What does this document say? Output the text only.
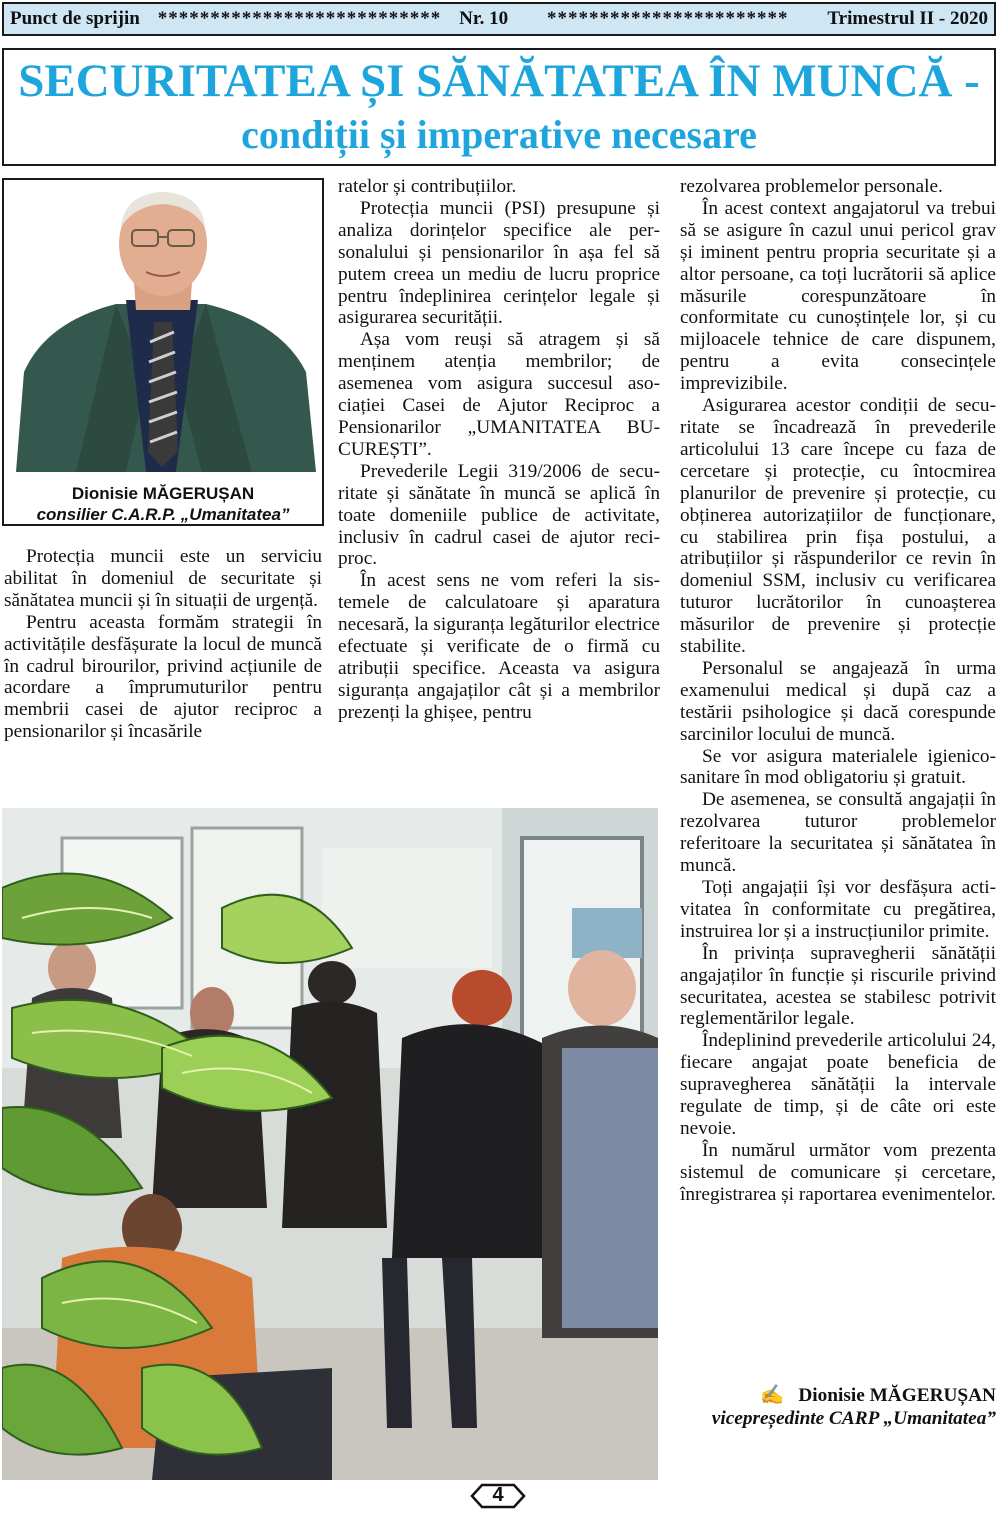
Punct de sprijin *************************** Nr. 10	***********************	Trimestrul II - 2020
SECURITATEA ȘI SĂNĂTATEA ÎN MUNCĂ -
condiții și imperative necesare
Dionisie MĂGERUȘAN
consilier C.A.R.P. „Umanitatea”

Protecția muncii este un serviciu abilitat în domeniul de securitate și sănătatea muncii și în situații de urgență.

Pentru aceasta formăm strategii în activitățile desfășurate la locul de muncă în cadrul birourilor, privind acțiunile de acordare a împrumuturilor pentru membrii casei de ajutor reciproc a pensionarilor și încasările

ratelor și contribuțiilor.

Protecția muncii (PSI) presupune și analiza dorințelor specifice ale personalului și pensionarilor în așa fel să putem creea un mediu de lucru proprice pentru îndeplinirea cerințelor legale și asigurarea securității.

Așa vom reuși să atragem și să menținem atenția membrilor; de asemenea vom asigura succesul asociației Casei de Ajutor Reciproc a Pensionarilor „UMANITATEA BUCUREȘTI”.

Prevederile Legii 319/2006 de securitate și sănătate în muncă se aplică în toate domeniile publice de activitate, inclusiv în cadrul casei de ajutor reciproc.

În acest sens ne vom referi la sistemele de calculatoare și aparatura necesară, la siguranța legăturilor electrice efectuate și verificate de o firmă cu atribuții specifice. Aceasta va asigura siguranța angajaților cât și a membrilor prezenți la ghișee, pentru

rezolvarea problemelor personale.

În acest context angajatorul va trebui să se asigure în cazul unui pericol grav și iminent pentru propria securitate și a altor persoane, ca toți lucrătorii să aplice măsurile corespunzătoare în conformitate cu cunoștințele lor, și cu mijloacele tehnice de care dispunem, pentru a evita consecințele imprevizibile.

Asigurarea acestor condiții de securitate se încadrează în prevederile articolului 13 care începe cu faza de cercetare și protecție, cu întocmirea planurilor de prevenire și protecție, cu obținerea autorizațiilor de funcționare, cu stabilirea prin fișa postului, a atribuțiilor și răspunderilor ce revin în domeniul SSM, inclusiv cu verificarea tuturor lucrătorilor în cunoașterea măsurilor de prevenire și protecție stabilite.

Personalul se angajează în urma examenului medical și după caz a testării psihologice și dacă corespunde sarcinilor locului de muncă.

Se vor asigura materialele igienico-sanitare în mod obligatoriu și gratuit.

De asemenea, se consultă angajații în rezolvarea tuturor problemelor referitoare la securitatea și sănătatea în muncă.

Toți angajații își vor desfășura activitatea în conformitate cu pregătirea, instruirea lor și a instrucțiunilor primite.

În privința supravegherii sănătății angajaților în funcție și riscurile privind securitatea, acestea se stabilesc potrivit reglementărilor legale.

Îndeplinind prevederile articolului 24, fiecare angajat poate beneficia de supravegherea sănătății la intervale regulate de timp, și de câte ori este nevoie.

În numărul următor vom prezenta sistemul de comunicare și cercetare, înregistrarea și raportarea evenimentelor.

✍ Dionisie MĂGERUȘAN
vicepreședinte CARP „Umanitatea”
4
